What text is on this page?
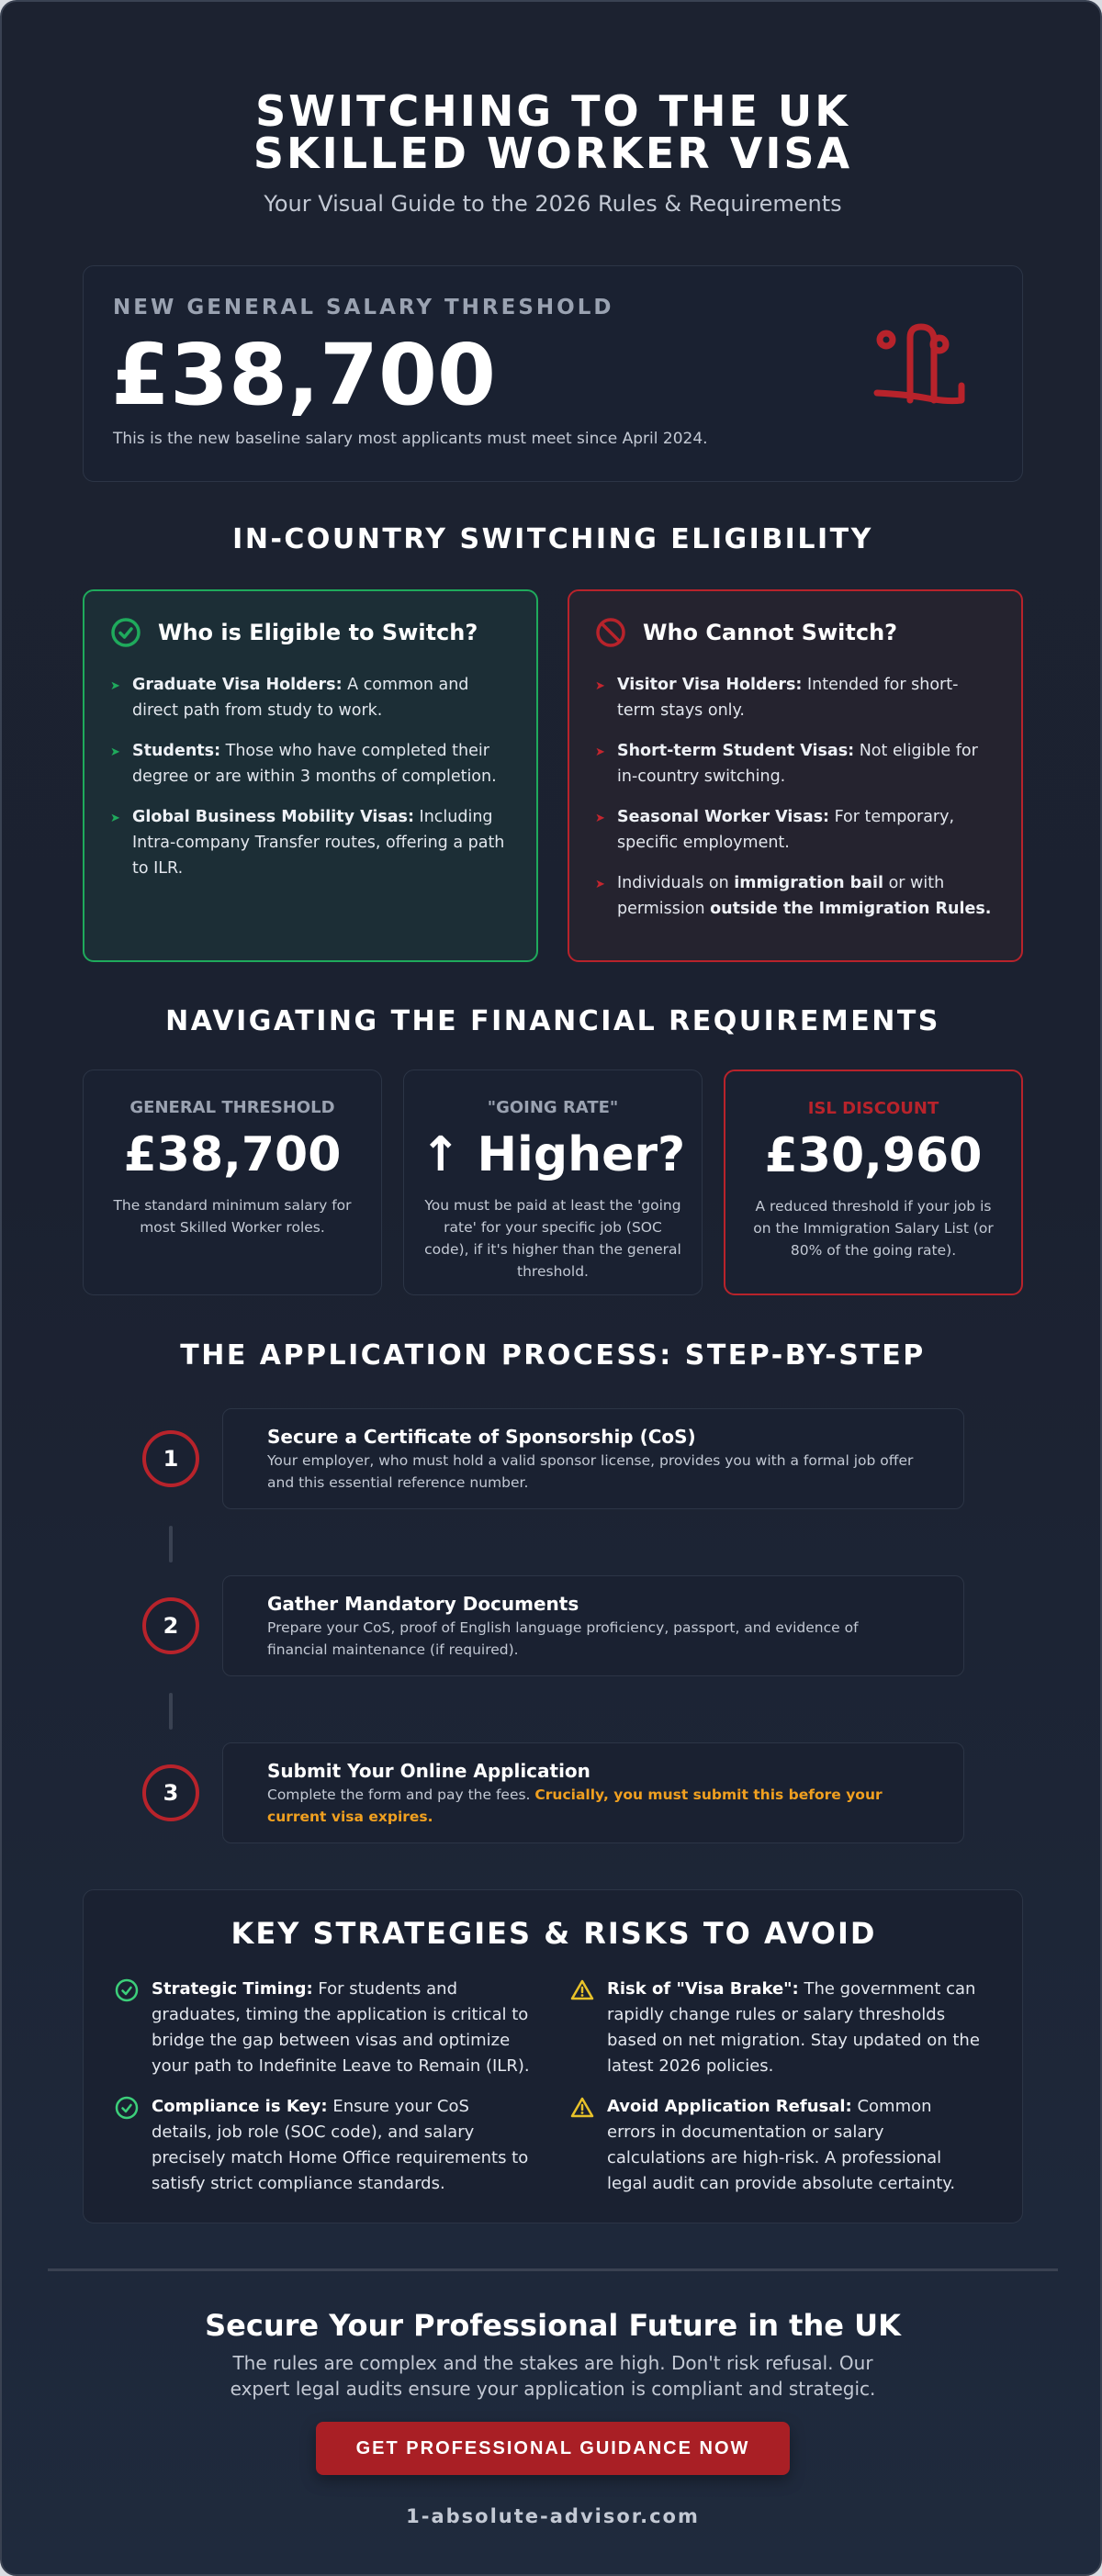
SWITCHING TO THE UK
SKILLED WORKER VISA
Your Visual Guide to the 2026 Rules & Requirements
NEW GENERAL SALARY THRESHOLD
£38,700
This is the new baseline salary most applicants must meet since April 2024.
IN-COUNTRY SWITCHING ELIGIBILITY
Who is Eligible to Switch?
➤ Graduate Visa Holders: A common and direct path from study to work.
➤ Students: Those who have completed their degree or are within 3 months of completion.
➤ Global Business Mobility Visas: Including Intra-company Transfer routes, offering a path to ILR.
Who Cannot Switch?
➤ Visitor Visa Holders: Intended for short-term stays only.
➤ Short-term Student Visas: Not eligible for in-country switching.
➤ Seasonal Worker Visas: For temporary, specific employment.
➤ Individuals on immigration bail or with permission outside the Immigration Rules.
NAVIGATING THE FINANCIAL REQUIREMENTS
GENERAL THRESHOLD
£38,700
The standard minimum salary for most Skilled Worker roles.
"GOING RATE"
↑ Higher?
You must be paid at least the 'going rate' for your specific job (SOC code), if it's higher than the general threshold.
ISL DISCOUNT
£30,960
A reduced threshold if your job is on the Immigration Salary List (or 80% of the going rate).
THE APPLICATION PROCESS: STEP-BY-STEP
1
Secure a Certificate of Sponsorship (CoS)
Your employer, who must hold a valid sponsor license, provides you with a formal job offer and this essential reference number.
2
Gather Mandatory Documents
Prepare your CoS, proof of English language proficiency, passport, and evidence of financial maintenance (if required).
3
Submit Your Online Application
Complete the form and pay the fees. Crucially, you must submit this before your current visa expires.
KEY STRATEGIES & RISKS TO AVOID
Strategic Timing: For students and graduates, timing the application is critical to bridge the gap between visas and optimize your path to Indefinite Leave to Remain (ILR).
Risk of "Visa Brake": The government can rapidly change rules or salary thresholds based on net migration. Stay updated on the latest 2026 policies.
Compliance is Key: Ensure your CoS details, job role (SOC code), and salary precisely match Home Office requirements to satisfy strict compliance standards.
Avoid Application Refusal: Common errors in documentation or salary calculations are high-risk. A professional legal audit can provide absolute certainty.
Secure Your Professional Future in the UK
The rules are complex and the stakes are high. Don't risk refusal. Our
expert legal audits ensure your application is compliant and strategic.
GET PROFESSIONAL GUIDANCE NOW
1-absolute-advisor.com
